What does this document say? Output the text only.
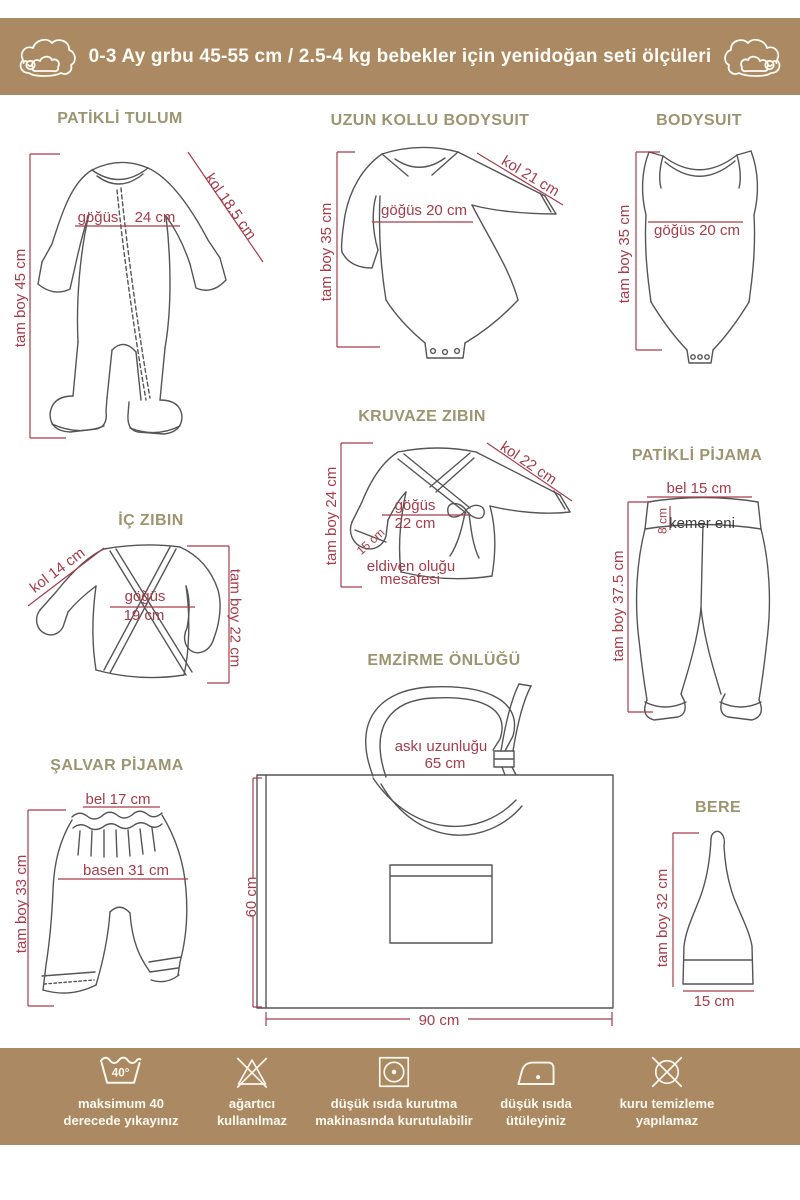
0-3 Ay grbu 45-55 cm / 2.5-4 kg bebekler için yenidoğan seti ölçüleri
PATİKLİ TULUM	UZUN KOLLU BODYSUIT	BODYSUIT
KRUVAZE ZIBIN
İÇ ZIBIN
PATİKLİ PİJAMA
ŞALVAR PİJAMA
EMZİRME ÖNLÜĞÜ
BERE
göğüs 24 cm kol 18.5 cm
tam boy 45 cm
kol 21 cm
göğüs 20 cm
tam boy 35 cm	göğüs 20 cm
tam boy 35 cm
kol 22 cm
göğüs
22 cm
15 cm
eldiven oluğu
mesafesi
tam boy 24 cm
kol 14 cm göğüs
19 cm	tam boy 22 cm
bel 15 cm
kemer eni
8 cm
tam boy 37.5 cm
bel 17 cm
basen 31 cm
tam boy 33 cm
askı uzunluğu
65 cm
60 cm
90 cm
tam boy 32 cm
15 cm
40°
maksimum 40 derecede yıkayınız
ağartıcı kullanılmaz
düşük ısıda kurutma makinasında kurutulabilir
düşük ısıda ütüleyiniz
kuru temizleme yapılamaz
